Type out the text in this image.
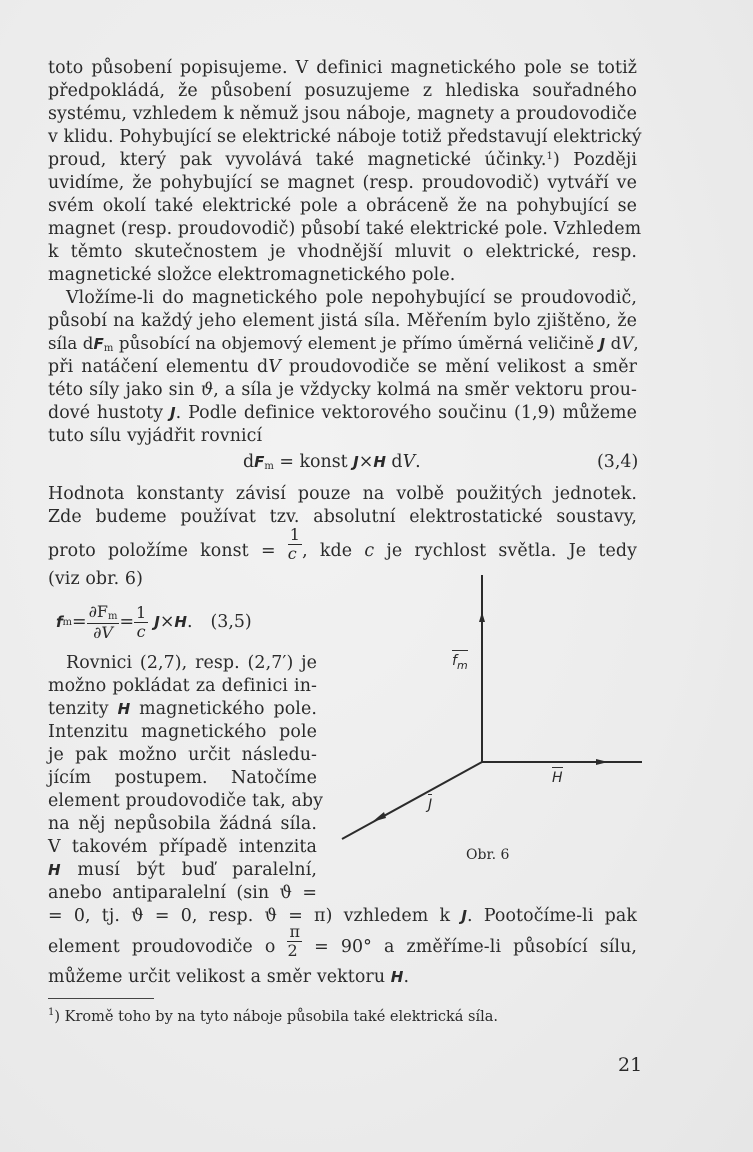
toto působení popisujeme. V definici magnetického pole se totiž
předpokládá, že působení posuzujeme z hlediska souřadného
systému, vzhledem k němuž jsou náboje, magnety a proudovodiče
v klidu. Pohybující se elektrické náboje totiž představují elektrický
proud, který pak vyvolává také magnetické účinky.$^1$) Později
uvidíme, že pohybující se magnet (resp. proudovodič) vytváří ve
svém okolí také elektrické pole a obráceně že na pohybující se
magnet (resp. proudovodič) působí také elektrické pole. Vzhledem
k těmto skutečnostem je vhodnější mluvit o elektrické, resp.
magnetické složce elektromagnetického pole.
Vložíme-li do magnetického pole nepohybující se proudovodič,
působí na každý jeho element jistá síla. Měřením bylo zjištěno, že
síla $dF_m$ působící na objemový element je přímo úměrná veličině J dV,
při natáčení elementu dV proudovodiče se mění velikost a směr
této síly jako sin ϑ, a síla je vždycky kolmá na směr vektoru prou-
dové hustoty J. Podle definice vektorového součinu (1,9) můžeme
tuto sílu vyjádřit rovnicí
$dF_m$ = konst J×H dV.	(3,4)
Hodnota konstanty závisí pouze na volbě použitých jednotek.
Zde budeme používat tzv. absolutní elektrostatické soustavy,
proto položíme konst = $\frac{1}{c}$ , kde c je rychlost světla. Je tedy
(viz obr. 6)
f $m = \frac{\partial F_m}{\partial V} = \frac{1}{c}$ J × H . (3,5)
Rovnici (2,7), resp. (2,7′) je
možno pokládat za definici in-
tenzity H magnetického pole.
Intenzitu magnetického pole
je pak možno určit následu-
jícím postupem. Natočíme
element proudovodiče tak, aby
na něj nepůsobila žádná síla.
V takovém případě intenzita
H musí být buď paralelní,
anebo antiparalelní (sin ϑ =
= 0, tj. ϑ = 0, resp. ϑ = π) vzhledem k J. Pootočíme-li pak
element proudovodiče o $\frac{\pi}{2} = 90^\circ$ a změříme-li působící sílu,
můžeme určit velikost a směr vektoru H.
$f_m$
H
J
Obr. 6
$^1$) Kromě toho by na tyto náboje působila také elektrická síla.
21
